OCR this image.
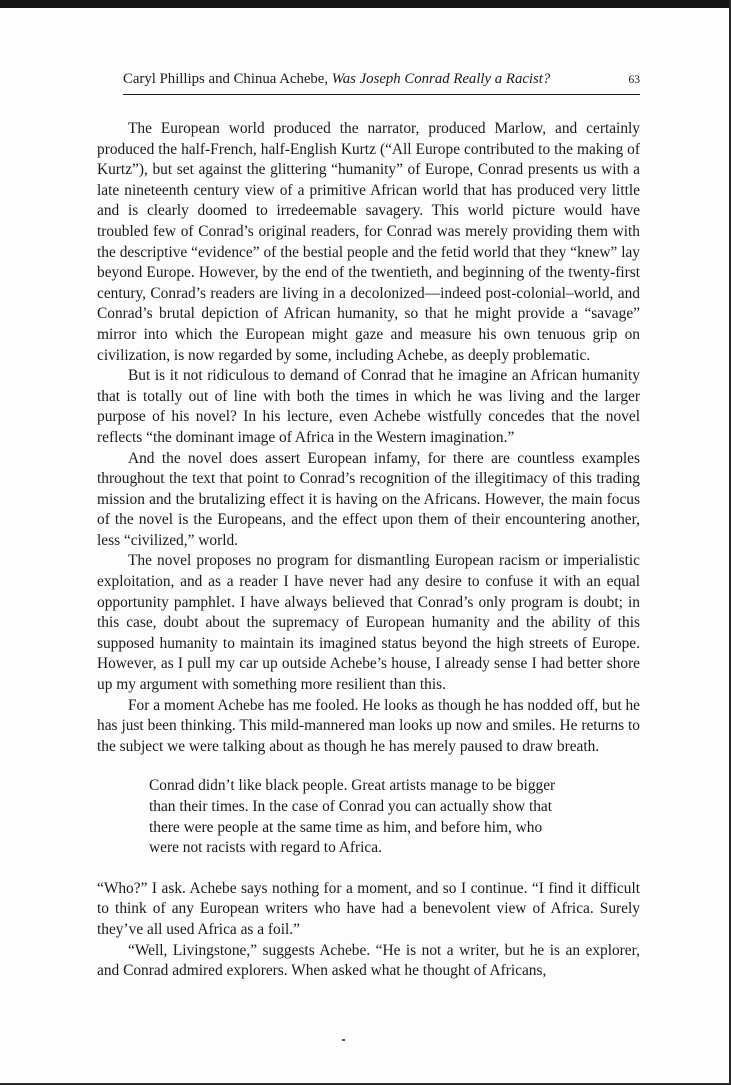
Caryl Phillips and Chinua Achebe, Was Joseph Conrad Really a Racist?	63

The European world produced the narrator, produced Marlow, and certainly produced the half-French, half-English Kurtz (“All Europe contributed to the making of Kurtz”), but set against the glittering “humanity” of Europe, Conrad presents us with a late nineteenth century view of a primitive African world that has produced very little and is clearly doomed to irredeemable savagery. This world picture would have troubled few of Conrad’s original readers, for Conrad was merely providing them with the descriptive “evidence” of the bestial people and the fetid world that they “knew” lay beyond Europe. However, by the end of the twentieth, and beginning of the twenty-first century, Conrad’s readers are living in a decolonized—indeed post-colonial–world, and Conrad’s brutal depiction of African humanity, so that he might provide a “savage” mirror into which the European might gaze and measure his own tenuous grip on civilization, is now regarded by some, including Achebe, as deeply problematic.

But is it not ridiculous to demand of Conrad that he imagine an African humanity that is totally out of line with both the times in which he was living and the larger purpose of his novel? In his lecture, even Achebe wistfully concedes that the novel reflects “the dominant image of Africa in the Western imagination.”

And the novel does assert European infamy, for there are countless examples throughout the text that point to Conrad’s recognition of the illegitimacy of this trading mission and the brutalizing effect it is having on the Africans. However, the main focus of the novel is the Europeans, and the effect upon them of their encountering another, less “civilized,” world.

The novel proposes no program for dismantling European racism or imperialistic exploitation, and as a reader I have never had any desire to confuse it with an equal opportunity pamphlet. I have always believed that Conrad’s only program is doubt; in this case, doubt about the supremacy of European humanity and the ability of this supposed humanity to maintain its imagined status beyond the high streets of Europe. However, as I pull my car up outside Achebe’s house, I already sense I had better shore up my argument with something more resilient than this.

For a moment Achebe has me fooled. He looks as though he has nodded off, but he has just been thinking. This mild-mannered man looks up now and smiles. He returns to the subject we were talking about as though he has merely paused to draw breath.

Conrad didn’t like black people. Great artists manage to be bigger
than their times. In the case of Conrad you can actually show that
there were people at the same time as him, and before him, who
were not racists with regard to Africa.

“Who?” I ask. Achebe says nothing for a moment, and so I continue. “I find it difficult to think of any European writers who have had a benevolent view of Africa. Surely they’ve all used Africa as a foil.”

“Well, Livingstone,” suggests Achebe. “He is not a writer, but he is an explorer, and Conrad admired explorers. When asked what he thought of Africans,
